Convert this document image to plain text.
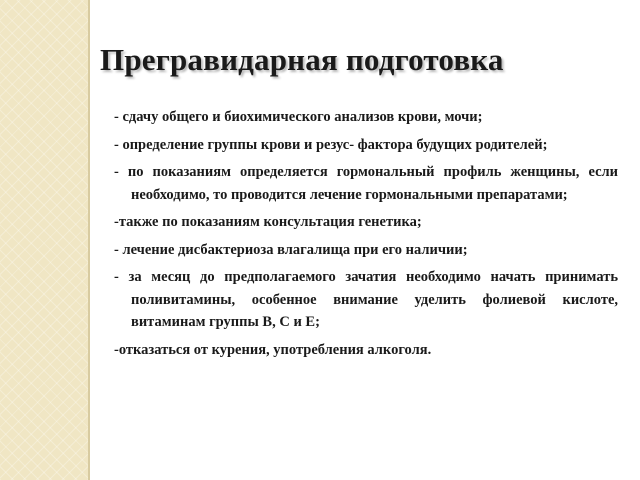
Прегравидарная подготовка
- сдачу общего и биохимического анализов крови, мочи;
- определение группы крови и резус- фактора будущих родителей;
- по показаниям определяется гормональный профиль женщины, если необходимо, то проводится лечение гормональными препаратами;
-также по показаниям консультация генетика;
- лечение дисбактериоза влагалища при его наличии;
- за месяц до предполагаемого зачатия необходимо начать принимать поливитамины, особенное внимание уделить фолиевой кислоте, витаминам группы В, С и Е;
-отказаться от курения, употребления алкоголя.
